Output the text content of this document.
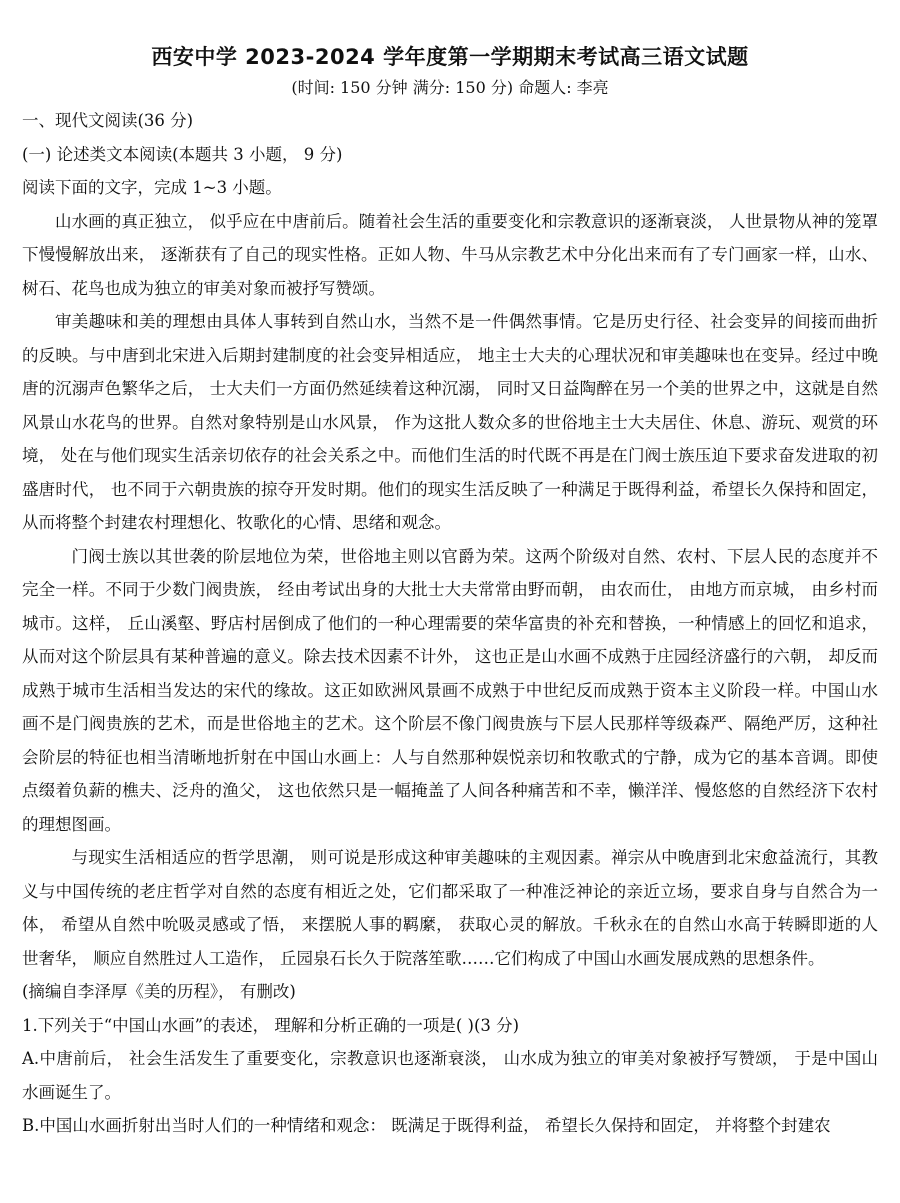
西安中学 2023-2024 学年度第一学期期末考试高三语文试题
(时间: 150 分钟 满分: 150 分) 命题人: 李亮

一、现代文阅读(36 分)

(一) 论述类文本阅读(本题共 3 小题， 9 分)

阅读下面的文字，完成 1~3 小题。

山水画的真正独立， 似乎应在中唐前后。随着社会生活的重要变化和宗教意识的逐渐衰淡， 人世景物从神的笼罩下慢慢解放出来， 逐渐获有了自己的现实性格。正如人物、牛马从宗教艺术中分化出来而有了专门画家一样，山水、树石、花鸟也成为独立的审美对象而被抒写赞颂。

审美趣味和美的理想由具体人事转到自然山水，当然不是一件偶然事情。它是历史行径、社会变异的间接而曲折的反映。与中唐到北宋进入后期封建制度的社会变异相适应， 地主士大夫的心理状况和审美趣味也在变异。经过中晚唐的沉溺声色繁华之后， 士大夫们一方面仍然延续着这种沉溺， 同时又日益陶醉在另一个美的世界之中，这就是自然风景山水花鸟的世界。自然对象特别是山水风景， 作为这批人数众多的世俗地主士大夫居住、休息、游玩、观赏的环境， 处在与他们现实生活亲切依存的社会关系之中。而他们生活的时代既不再是在门阀士族压迫下要求奋发进取的初盛唐时代， 也不同于六朝贵族的掠夺开发时期。他们的现实生活反映了一种满足于既得利益，希望长久保持和固定， 从而将整个封建农村理想化、牧歌化的心情、思绪和观念。

门阀士族以其世袭的阶层地位为荣，世俗地主则以官爵为荣。这两个阶级对自然、农村、下层人民的态度并不完全一样。不同于少数门阀贵族， 经由考试出身的大批士大夫常常由野而朝， 由农而仕， 由地方而京城， 由乡村而城市。这样， 丘山溪壑、野店村居倒成了他们的一种心理需要的荣华富贵的补充和替换，一种情感上的回忆和追求， 从而对这个阶层具有某种普遍的意义。除去技术因素不计外， 这也正是山水画不成熟于庄园经济盛行的六朝， 却反而成熟于城市生活相当发达的宋代的缘故。这正如欧洲风景画不成熟于中世纪反而成熟于资本主义阶段一样。中国山水画不是门阀贵族的艺术，而是世俗地主的艺术。这个阶层不像门阀贵族与下层人民那样等级森严、隔绝严厉，这种社会阶层的特征也相当清晰地折射在中国山水画上：人与自然那种娱悦亲切和牧歌式的宁静，成为它的基本音调。即使点缀着负薪的樵夫、泛舟的渔父， 这也依然只是一幅掩盖了人间各种痛苦和不幸，懒洋洋、慢悠悠的自然经济下农村的理想图画。

与现实生活相适应的哲学思潮， 则可说是形成这种审美趣味的主观因素。禅宗从中晚唐到北宋愈益流行，其教义与中国传统的老庄哲学对自然的态度有相近之处，它们都采取了一种准泛神论的亲近立场，要求自身与自然合为一体， 希望从自然中吮吸灵感或了悟， 来摆脱人事的羁縻， 获取心灵的解放。千秋永在的自然山水高于转瞬即逝的人世奢华， 顺应自然胜过人工造作， 丘园泉石长久于院落笙歌……它们构成了中国山水画发展成熟的思想条件。

(摘编自李泽厚《美的历程》， 有删改)

1.下列关于“中国山水画”的表述， 理解和分析正确的一项是( )(3 分)

A.中唐前后， 社会生活发生了重要变化，宗教意识也逐渐衰淡， 山水成为独立的审美对象被抒写赞颂， 于是中国山水画诞生了。

B.中国山水画折射出当时人们的一种情绪和观念： 既满足于既得利益， 希望长久保持和固定， 并将整个封建农
